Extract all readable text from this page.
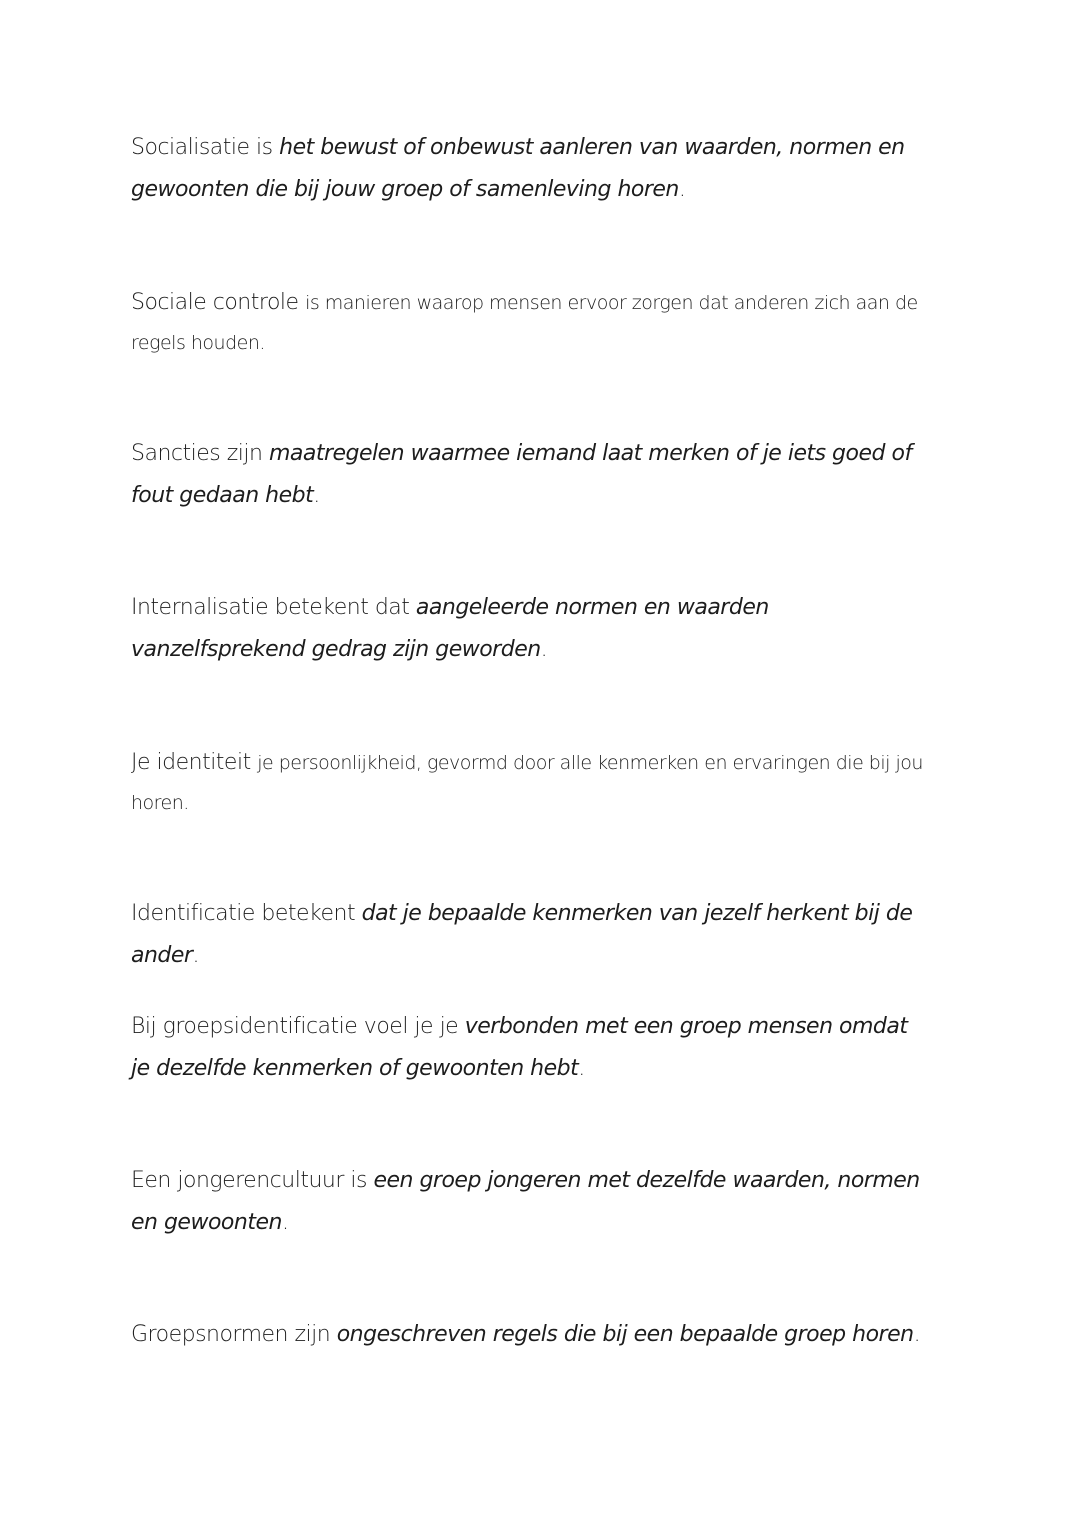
Socialisatie is het bewust of onbewust aanleren van waarden, normen en gewoonten die bij jouw groep of samenleving horen.

Sociale controle is manieren waarop mensen ervoor zorgen dat anderen zich aan de regels houden.

Sancties zijn maatregelen waarmee iemand laat merken of je iets goed of fout gedaan hebt.

Internalisatie betekent dat aangeleerde normen en waarden vanzelfsprekend gedrag zijn geworden.

Je identiteit je persoonlijkheid, gevormd door alle kenmerken en ervaringen die bij jou horen.

Identificatie betekent dat je bepaalde kenmerken van jezelf herkent bij de ander.

Bij groepsidentificatie voel je je verbonden met een groep mensen omdat je dezelfde kenmerken of gewoonten hebt.

Een jongerencultuur is een groep jongeren met dezelfde waarden, normen en gewoonten.

Groepsnormen zijn ongeschreven regels die bij een bepaalde groep horen.
